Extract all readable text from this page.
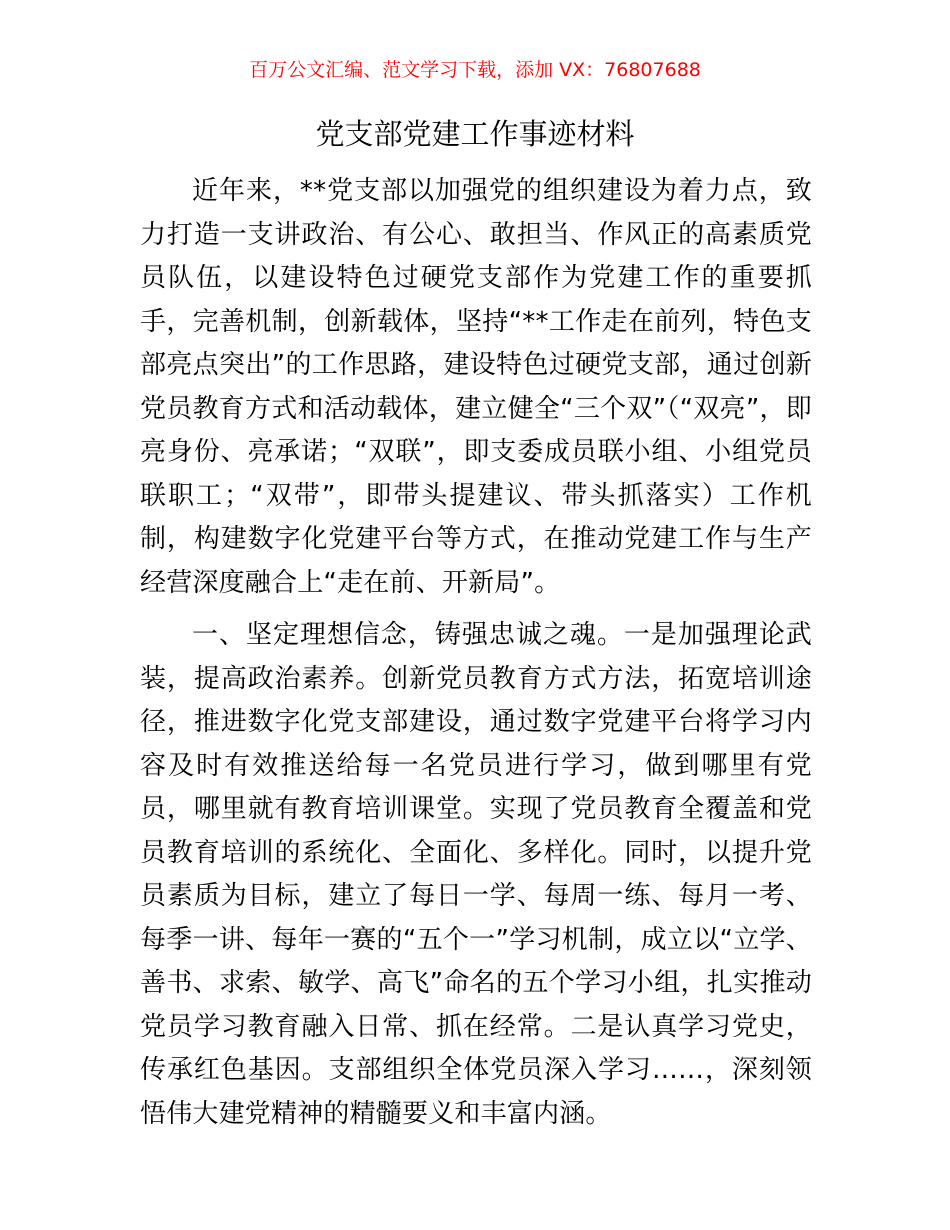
百万公文汇编、范文学习下载，添加 VX：76807688
党支部党建工作事迹材料

近年来，**党支部以加强党的组织建设为着力点，致力打造一支讲政治、有公心、敢担当、作风正的高素质党员队伍，以建设特色过硬党支部作为党建工作的重要抓手，完善机制，创新载体，坚持“**工作走在前列，特色支部亮点突出”的工作思路，建设特色过硬党支部，通过创新党员教育方式和活动载体，建立健全“三个双”（“双亮”，即亮身份、亮承诺；“双联”，即支委成员联小组、小组党员联职工；“双带”，即带头提建议、带头抓落实）工作机制，构建数字化党建平台等方式，在推动党建工作与生产经营深度融合上“走在前、开新局”。

一、坚定理想信念，铸强忠诚之魂。一是加强理论武装，提高政治素养。创新党员教育方式方法，拓宽培训途径，推进数字化党支部建设，通过数字党建平台将学习内容及时有效推送给每一名党员进行学习，做到哪里有党员，哪里就有教育培训课堂。实现了党员教育全覆盖和党员教育培训的系统化、全面化、多样化。同时，以提升党员素质为目标，建立了每日一学、每周一练、每月一考、每季一讲、每年一赛的“五个一”学习机制，成立以“立学、善书、求索、敏学、高飞”命名的五个学习小组，扎实推动党员学习教育融入日常、抓在经常。二是认真学习党史，传承红色基因。支部组织全体党员深入学习……，深刻领悟伟大建党精神的精髓要义和丰富内涵。
